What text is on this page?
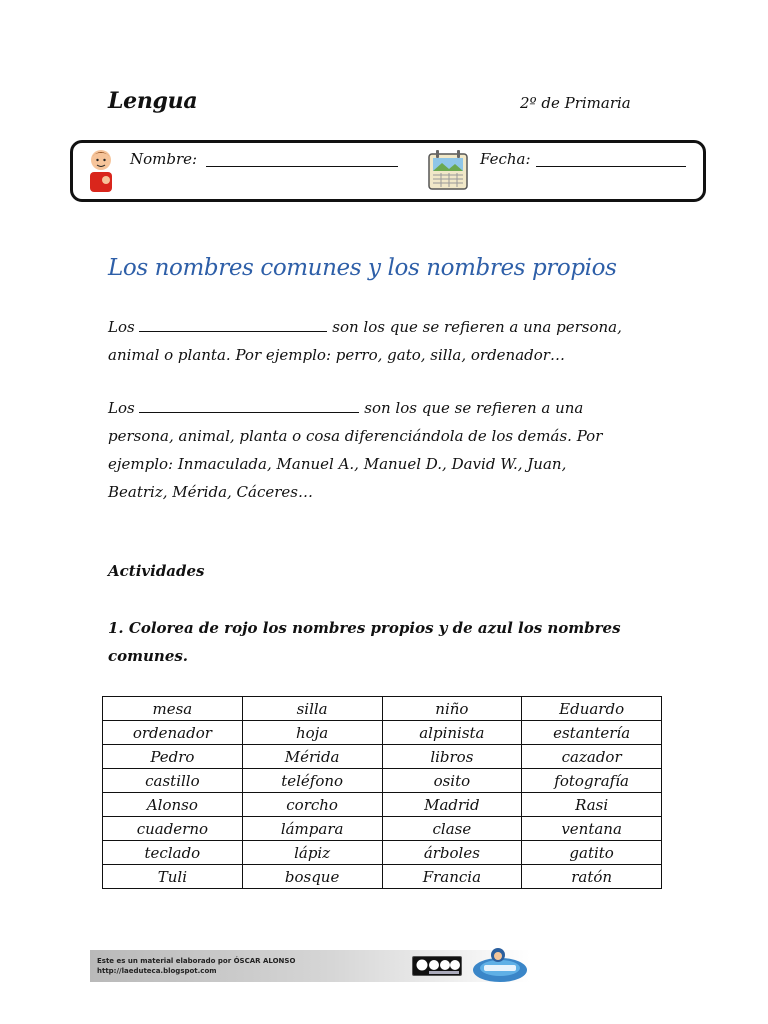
Lengua	2º de Primaria
Nombre:	Fecha:
Los nombres comunes y los nombres propios
Los	son los que se refieren a una persona,
animal o planta. Por ejemplo: perro, gato, silla, ordenador…
Los	son los que se refieren a una
persona, animal, planta o cosa diferenciándola de los demás. Por
ejemplo: Inmaculada, Manuel A., Manuel D., David W., Juan,
Beatriz, Mérida, Cáceres…
Actividades
1. Colorea de rojo los nombres propios y de azul los nombres
comunes.
mesa	silla	niño	Eduardo
ordenador	hoja	alpinista	estantería
Pedro	Mérida	libros	cazador
castillo	teléfono	osito	fotografía
Alonso	corcho	Madrid	Rasi
cuaderno	lámpara	clase	ventana
teclado	lápiz	árboles	gatito
Tuli	bosque	Francia	ratón
Este es un material elaborado por ÓSCAR ALONSO
http://laeduteca.blogspot.com
